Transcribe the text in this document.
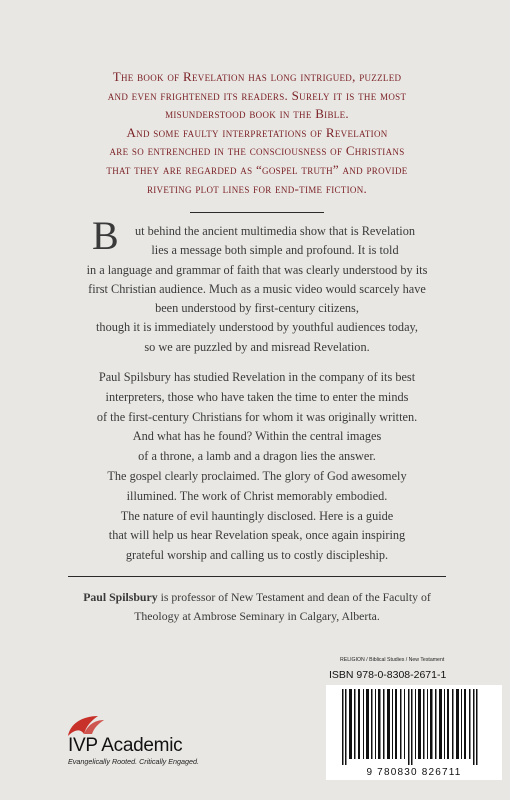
The book of Revelation has long intrigued, puzzled
and even frightened its readers. Surely it is the most
misunderstood book in the Bible.
And some faulty interpretations of Revelation
are so entrenched in the consciousness of Christians
that they are regarded as “gospel truth” and provide
riveting plot lines for end-time fiction.
B	ut behind the ancient multimedia show that is Revelation
lies a message both simple and profound. It is told
in a language and grammar of faith that was clearly understood by its
first Christian audience. Much as a music video would scarcely have
been understood by first-century citizens,
though it is immediately understood by youthful audiences today,
so we are puzzled by and misread Revelation.
Paul Spilsbury has studied Revelation in the company of its best
interpreters, those who have taken the time to enter the minds
of the first-century Christians for whom it was originally written.
And what has he found? Within the central images
of a throne, a lamb and a dragon lies the answer.
The gospel clearly proclaimed. The glory of God awesomely
illumined. The work of Christ memorably embodied.
The nature of evil hauntingly disclosed. Here is a guide
that will help us hear Revelation speak, once again inspiring
grateful worship and calling us to costly discipleship.
Paul Spilsbury is professor of New Testament and dean of the Faculty of
Theology at Ambrose Seminary in Calgary, Alberta.
RELIGION / Biblical Studies / New Testament
ISBN 978-0-8308-2671-1
9 780830 826711
IVP Academic
Evangelically Rooted. Critically Engaged.
